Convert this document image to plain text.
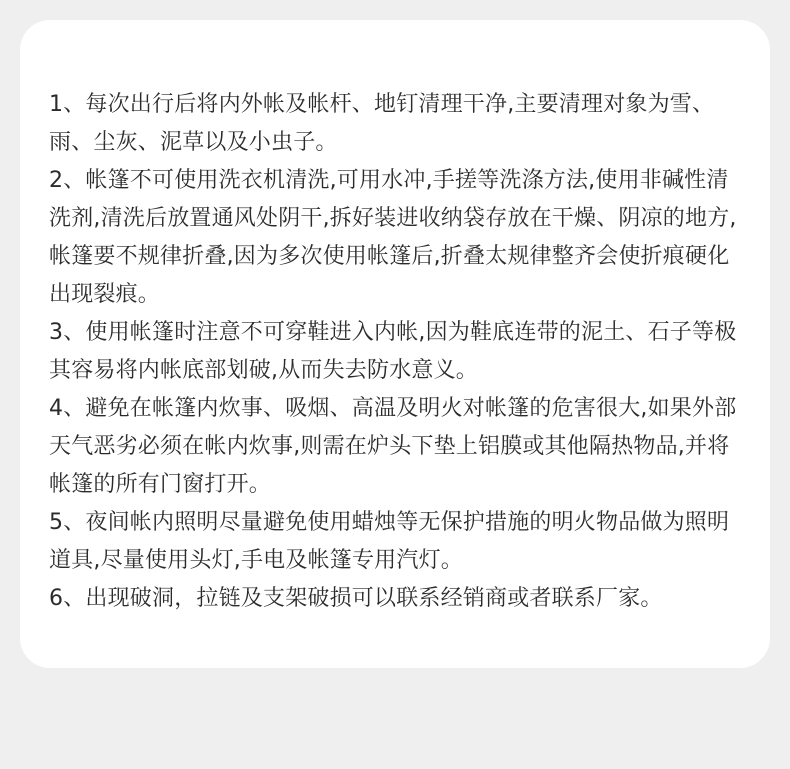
1、每次出行后将内外帐及帐杆、地钉清理干净,主要清理对象为雪、雨、尘灰、泥草以及小虫子。

2、帐篷不可使用洗衣机清洗,可用水冲,手搓等洗涤方法,使用非碱性清洗剂,清洗后放置通风处阴干,拆好装进收纳袋存放在干燥、阴凉的地方,帐篷要不规律折叠,因为多次使用帐篷后,折叠太规律整齐会使折痕硬化出现裂痕。

3、使用帐篷时注意不可穿鞋进入内帐,因为鞋底连带的泥土、石子等极其容易将内帐底部划破,从而失去防水意义。

4、避免在帐篷内炊事、吸烟、高温及明火对帐篷的危害很大,如果外部天气恶劣必须在帐内炊事,则需在炉头下垫上铝膜或其他隔热物品,并将帐篷的所有门窗打开。

5、夜间帐内照明尽量避免使用蜡烛等无保护措施的明火物品做为照明道具,尽量使用头灯,手电及帐篷专用汽灯。

6、出现破洞，拉链及支架破损可以联系经销商或者联系厂家。
